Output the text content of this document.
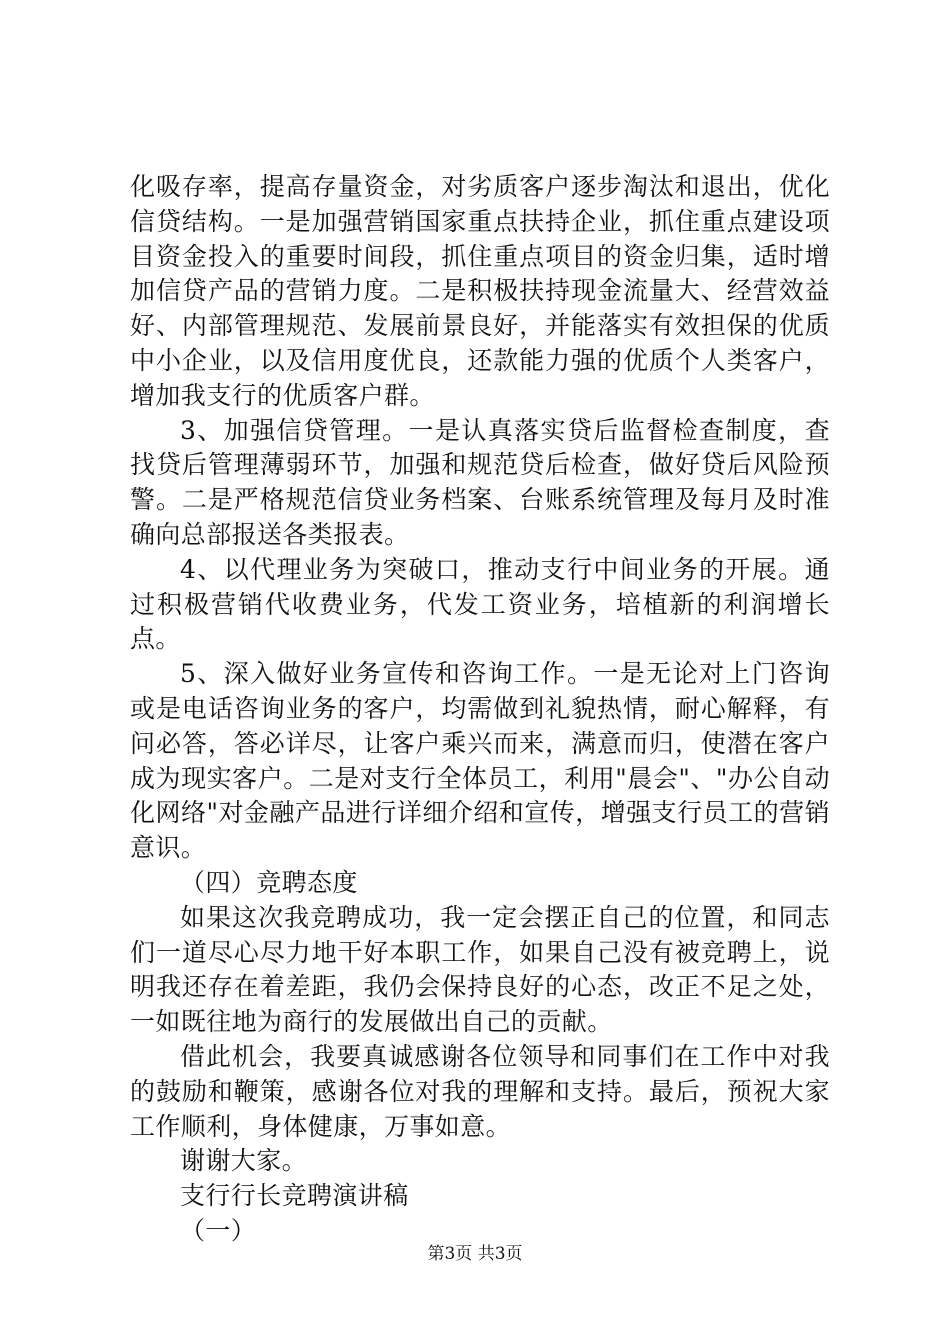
化吸存率，提高存量资金，对劣质客户逐步淘汰和退出，优化信贷结构。一是加强营销国家重点扶持企业，抓住重点建设项目资金投入的重要时间段，抓住重点项目的资金归集，适时增加信贷产品的营销力度。二是积极扶持现金流量大、经营效益好、内部管理规范、发展前景良好，并能落实有效担保的优质中小企业，以及信用度优良，还款能力强的优质个人类客户，增加我支行的优质客户群。

3、加强信贷管理。一是认真落实贷后监督检查制度，查找贷后管理薄弱环节，加强和规范贷后检查，做好贷后风险预警。二是严格规范信贷业务档案、台账系统管理及每月及时准确向总部报送各类报表。

4、以代理业务为突破口，推动支行中间业务的开展。通过积极营销代收费业务，代发工资业务，培植新的利润增长点。

5、深入做好业务宣传和咨询工作。一是无论对上门咨询或是电话咨询业务的客户，均需做到礼貌热情，耐心解释，有问必答，答必详尽，让客户乘兴而来，满意而归，使潜在客户成为现实客户。二是对支行全体员工，利用"晨会"、"办公自动化网络"对金融产品进行详细介绍和宣传，增强支行员工的营销意识。

（四）竞聘态度

如果这次我竞聘成功，我一定会摆正自己的位置，和同志们一道尽心尽力地干好本职工作，如果自己没有被竞聘上，说明我还存在着差距，我仍会保持良好的心态，改正不足之处，一如既往地为商行的发展做出自己的贡献。

借此机会，我要真诚感谢各位领导和同事们在工作中对我的鼓励和鞭策，感谢各位对我的理解和支持。最后，预祝大家工作顺利，身体健康，万事如意。

谢谢大家。

支行行长竞聘演讲稿

（一）

第3页 共3页
